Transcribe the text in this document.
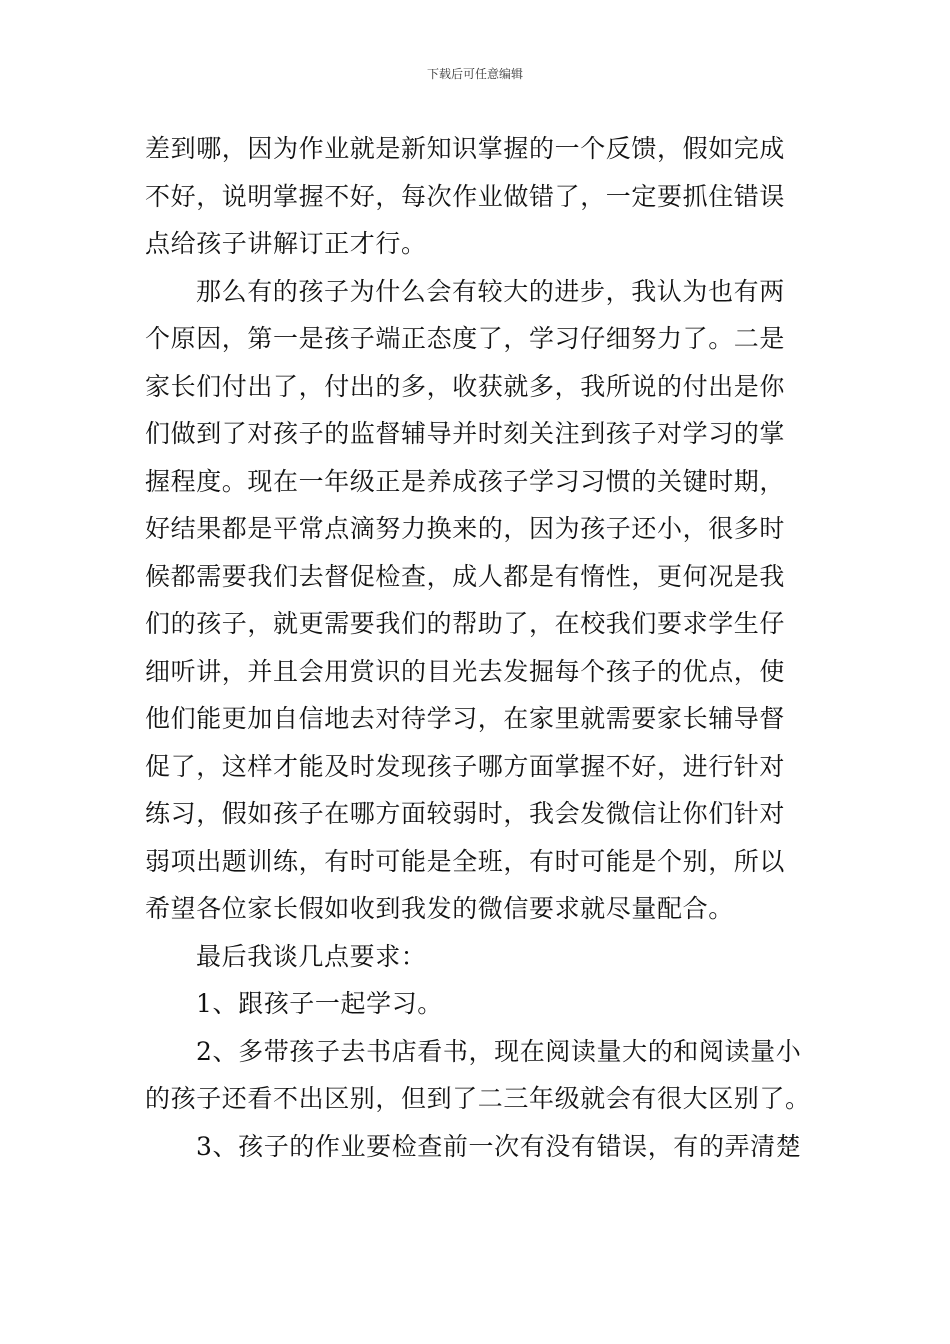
下载后可任意编辑
差到哪，因为作业就是新知识掌握的一个反馈，假如完成
不好，说明掌握不好，每次作业做错了，一定要抓住错误
点给孩子讲解订正才行。
那么有的孩子为什么会有较大的进步，我认为也有两
个原因，第一是孩子端正态度了，学习仔细努力了。二是
家长们付出了，付出的多，收获就多，我所说的付出是你
们做到了对孩子的监督辅导并时刻关注到孩子对学习的掌
握程度。现在一年级正是养成孩子学习习惯的关键时期，
好结果都是平常点滴努力换来的，因为孩子还小，很多时
候都需要我们去督促检查，成人都是有惰性，更何况是我
们的孩子，就更需要我们的帮助了，在校我们要求学生仔
细听讲，并且会用赏识的目光去发掘每个孩子的优点，使
他们能更加自信地去对待学习，在家里就需要家长辅导督
促了，这样才能及时发现孩子哪方面掌握不好，进行针对
练习，假如孩子在哪方面较弱时，我会发微信让你们针对
弱项出题训练，有时可能是全班，有时可能是个别，所以
希望各位家长假如收到我发的微信要求就尽量配合。
最后我谈几点要求：
1、跟孩子一起学习。
2、多带孩子去书店看书，现在阅读量大的和阅读量小
的孩子还看不出区别，但到了二三年级就会有很大区别了。
3、孩子的作业要检查前一次有没有错误，有的弄清楚
